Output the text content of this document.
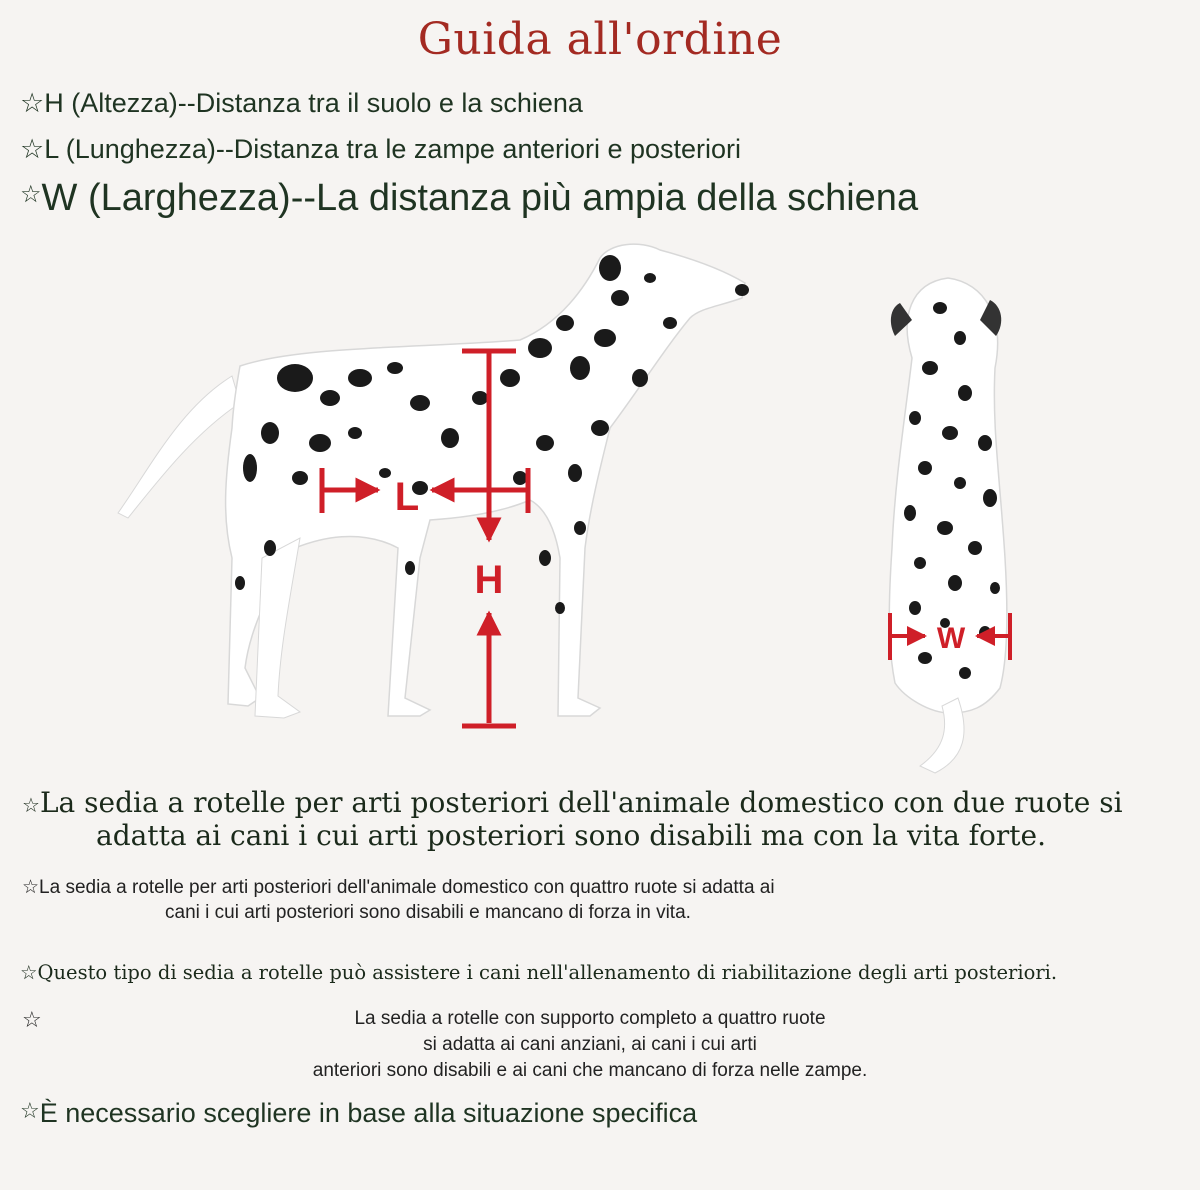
Guida all'ordine
☆H (Altezza)--Distanza tra il suolo e la schiena
☆L (Lunghezza)--Distanza tra le zampe anteriori e posteriori
☆W (Larghezza)--La distanza più ampia della schiena
H
L
W
☆La sedia a rotelle per arti posteriori dell'animale domestico con due ruote si
adatta ai cani i cui arti posteriori sono disabili ma con la vita forte.
☆La sedia a rotelle per arti posteriori dell'animale domestico con quattro ruote si adatta ai
cani i cui arti posteriori sono disabili e mancano di forza in vita.
☆Questo tipo di sedia a rotelle può assistere i cani nell'allenamento di riabilitazione degli arti posteriori.
☆	La sedia a rotelle con supporto completo a quattro ruote
si adatta ai cani anziani, ai cani i cui arti
anteriori sono disabili e ai cani che mancano di forza nelle zampe.
☆È necessario scegliere in base alla situazione specifica
